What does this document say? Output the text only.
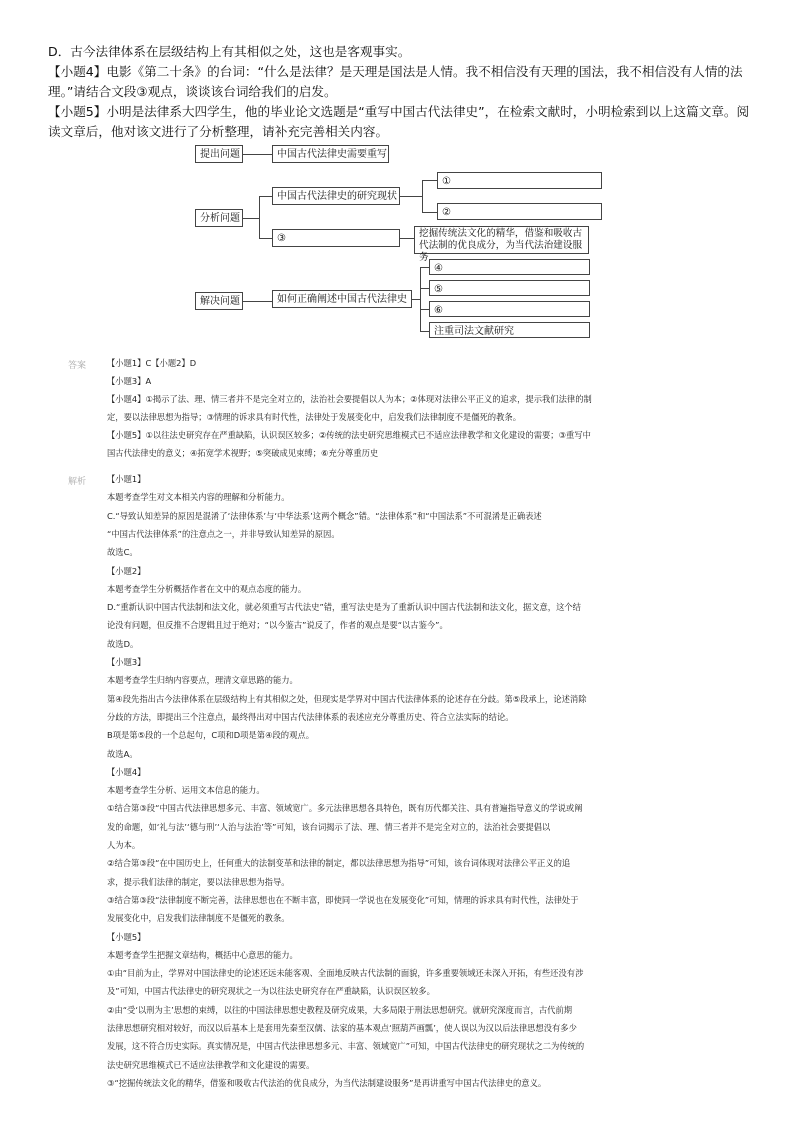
D．古今法律体系在层级结构上有其相似之处，这也是客观事实。
【小题4】电影《第二十条》的台词：“什么是法律？是天理是国法是人情。我不相信没有天理的国法，我不相信没有人情的法
理。”请结合文段③观点，谈谈该台词给我们的启发。
【小题5】小明是法律系大四学生，他的毕业论文选题是“重写中国古代法律史”，在检索文献时，小明检索到以上这篇文章。阅
读文章后，他对该文进行了分析整理，请补充完善相关内容。
提出问题	中国古代法律史需要重写
分析问题
中国古代法律史的研究现状
①
②
③	挖掘传统法文化的精华，借鉴和吸收古代法制的优良成分，为当代法治建设服务
解决问题	如何正确阐述中国古代法律史
④
⑤
⑥
注重司法文献研究
答案	【小题1】C【小题2】D
【小题3】A
【小题4】①揭示了法、理、情三者并不是完全对立的，法治社会要提倡以人为本；②体现对法律公平正义的追求，提示我们法律的制
定，要以法律思想为指导；③情理的诉求具有时代性，法律处于发展变化中，启发我们法律制度不是僵死的教条。
【小题5】①以往法史研究存在严重缺陷，认识误区较多；②传统的法史研究思维模式已不适应法律教学和文化建设的需要；③重写中
国古代法律史的意义；④拓宽学术视野；⑤突破成见束缚；⑥充分尊重历史
解析	【小题1】
本题考查学生对文本相关内容的理解和分析能力。
C.“导致认知差异的原因是混淆了‘法律体系’与‘中华法系’这两个概念”错。“法律体系”和“中国法系”不可混淆是正确表述
“中国古代法律体系”的注意点之一，并非导致认知差异的原因。
故选C。
【小题2】
本题考查学生分析概括作者在文中的观点态度的能力。
D.“重新认识中国古代法制和法文化，就必须重写古代法史”错，重写法史是为了重新认识中国古代法制和法文化，据文意，这个结
论没有问题，但反推不合逻辑且过于绝对；“以今鉴古”说反了，作者的观点是要“以古鉴今”。
故选D。
【小题3】
本题考查学生归纳内容要点，理清文章思路的能力。
第④段先指出古今法律体系在层级结构上有其相似之处，但现实是学界对中国古代法律体系的论述存在分歧。第⑤段承上，论述消除
分歧的方法，即提出三个注意点，最终得出对中国古代法律体系的表述应充分尊重历史、符合立法实际的结论。
B项是第⑤段的一个总起句，C项和D项是第④段的观点。
故选A。
【小题4】
本题考查学生分析、运用文本信息的能力。
①结合第③段“中国古代法律思想多元、丰富、领域宽广。多元法律思想各具特色，既有历代都关注、具有普遍指导意义的学说或阐
发的命题，如‘礼与法’‘德与刑’‘人治与法治’等”可知，该台词揭示了法、理、情三者并不是完全对立的，法治社会要提倡以
人为本。
②结合第③段“在中国历史上，任何重大的法制变革和法律的制定，都以法律思想为指导”可知，该台词体现对法律公平正义的追
求，提示我们法律的制定，要以法律思想为指导。
③结合第③段“法律制度不断完善，法律思想也在不断丰富，即使同一学说也在发展变化”可知，情理的诉求具有时代性，法律处于
发展变化中，启发我们法律制度不是僵死的教条。
【小题5】
本题考查学生把握文章结构，概括中心意思的能力。
①由“目前为止，学界对中国法律史的论述还远未能客观、全面地反映古代法制的面貌，许多重要领域还未深入开拓，有些还没有涉
及”可知，中国古代法律史的研究现状之一为以往法史研究存在严重缺陷，认识误区较多。
②由“受‘以刑为主’思想的束缚，以往的中国法律思想史教程及研究成果，大多局限于刑法思想研究。就研究深度而言，古代前期
法律思想研究相对较好，而汉以后基本上是套用先秦至汉儒、法家的基本观点‘照葫芦画瓢’，使人误以为汉以后法律思想没有多少
发展，这不符合历史实际。真实情况是，中国古代法律思想多元、丰富、领域宽广”可知，中国古代法律史的研究现状之二为传统的
法史研究思维模式已不适应法律教学和文化建设的需要。
③“挖掘传统法文化的精华，借鉴和吸收古代法治的优良成分，为当代法制建设服务”是再讲重写中国古代法律史的意义。
